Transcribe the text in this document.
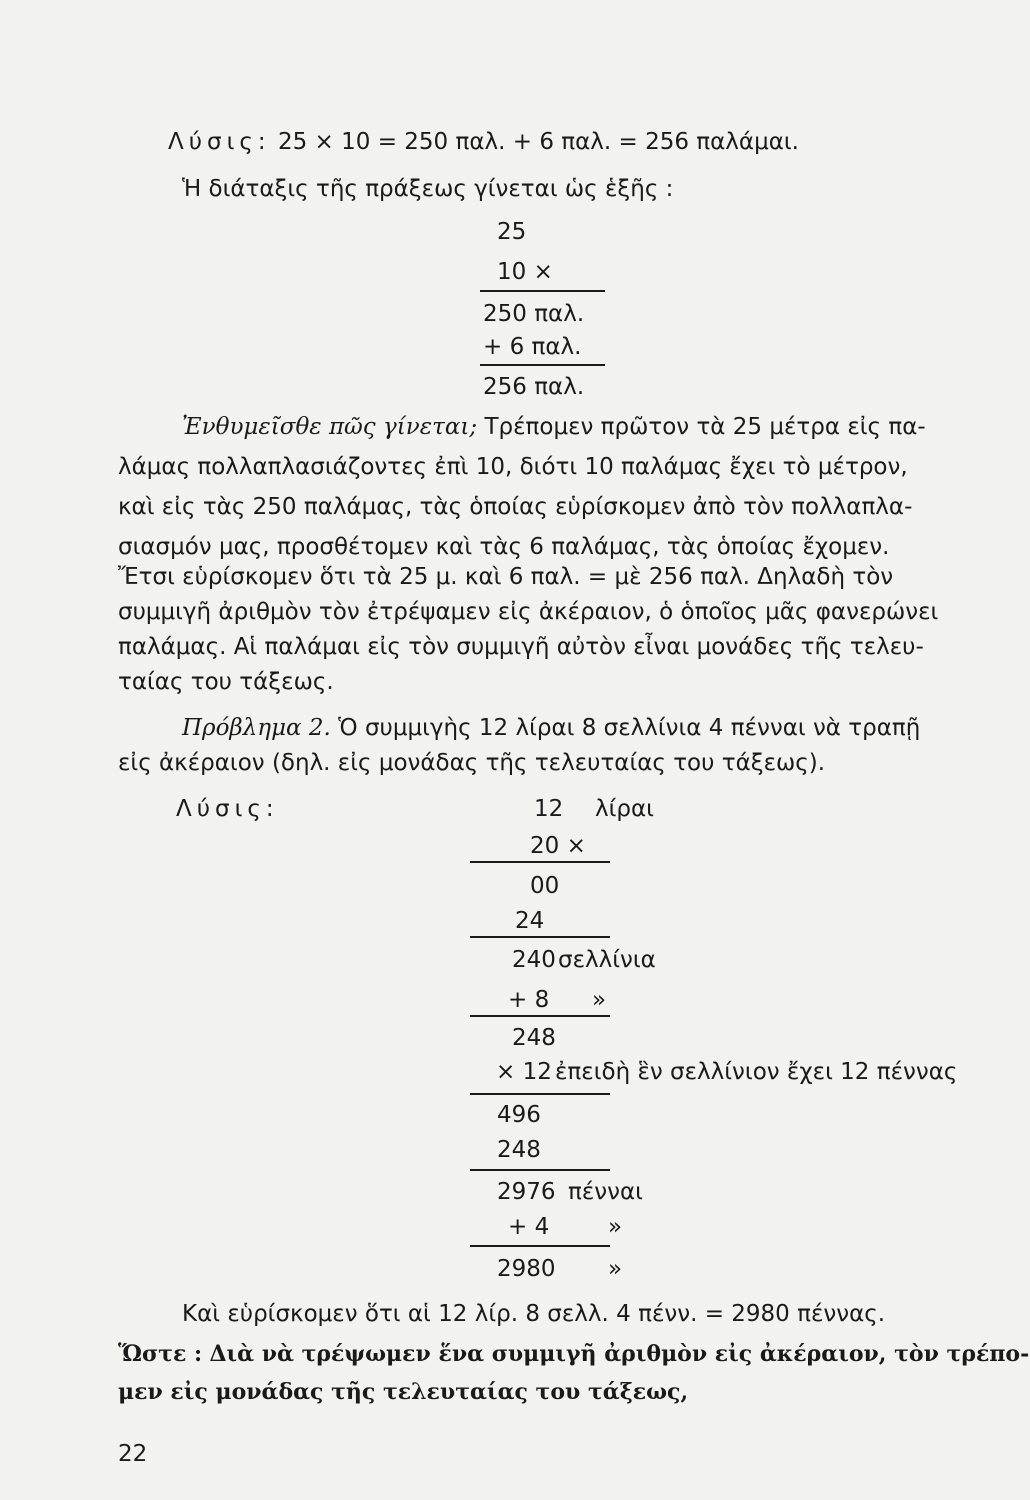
Λύσις: 25 × 10 = 250 παλ. + 6 παλ. = 256 παλάμαι.
Ἡ διάταξις τῆς πράξεως γίνεται ὡς ἑξῆς :
25
10 ×
250 παλ.
+ 6 παλ.
256 παλ.
Ἐνθυμεῖσθε πῶς γίνεται; Τρέπομεν πρῶτον τὰ 25 μέτρα εἰς πα-
λάμας πολλαπλασιάζοντες ἐπὶ 10, διότι 10 παλάμας ἔχει τὸ μέτρον,
καὶ εἰς τὰς 250 παλάμας, τὰς ὁποίας εὑρίσκομεν ἀπὸ τὸν πολλαπλα-
σιασμόν μας, προσθέτομεν καὶ τὰς 6 παλάμας, τὰς ὁποίας ἔχομεν.
Ἔτσι εὑρίσκομεν ὅτι τὰ 25 μ. καὶ 6 παλ. = μὲ 256 παλ. Δηλαδὴ τὸν
συμμιγῆ ἀριθμὸν τὸν ἐτρέψαμεν εἰς ἀκέραιον, ὁ ὁποῖος μᾶς φανερώνει
παλάμας. Αἱ παλάμαι εἰς τὸν συμμιγῆ αὐτὸν εἶναι μονάδες τῆς τελευ-
ταίας του τάξεως.
Πρόβλημα 2. Ὁ συμμιγὴς 12 λίραι 8 σελλίνια 4 πένναι νὰ τραπῇ
εἰς ἀκέραιον (δηλ. εἰς μονάδας τῆς τελευταίας του τάξεως).
Λύσις:	12 λίραι
20 ×
00
24
240 σελλίνια
+ 8 »
248
× 12 ἐπειδὴ ἓν σελλίνιον ἔχει 12 πέννας
496
248
2976 πένναι
+ 4	»
2980 »
Καὶ εὑρίσκομεν ὅτι αἱ 12 λίρ. 8 σελλ. 4 πένν. = 2980 πέννας.
Ὥστε : Διὰ νὰ τρέψωμεν ἕνα συμμιγῆ ἀριθμὸν εἰς ἀκέραιον, τὸν τρέπο-
μεν εἰς μονάδας τῆς τελευταίας του τάξεως,
22
